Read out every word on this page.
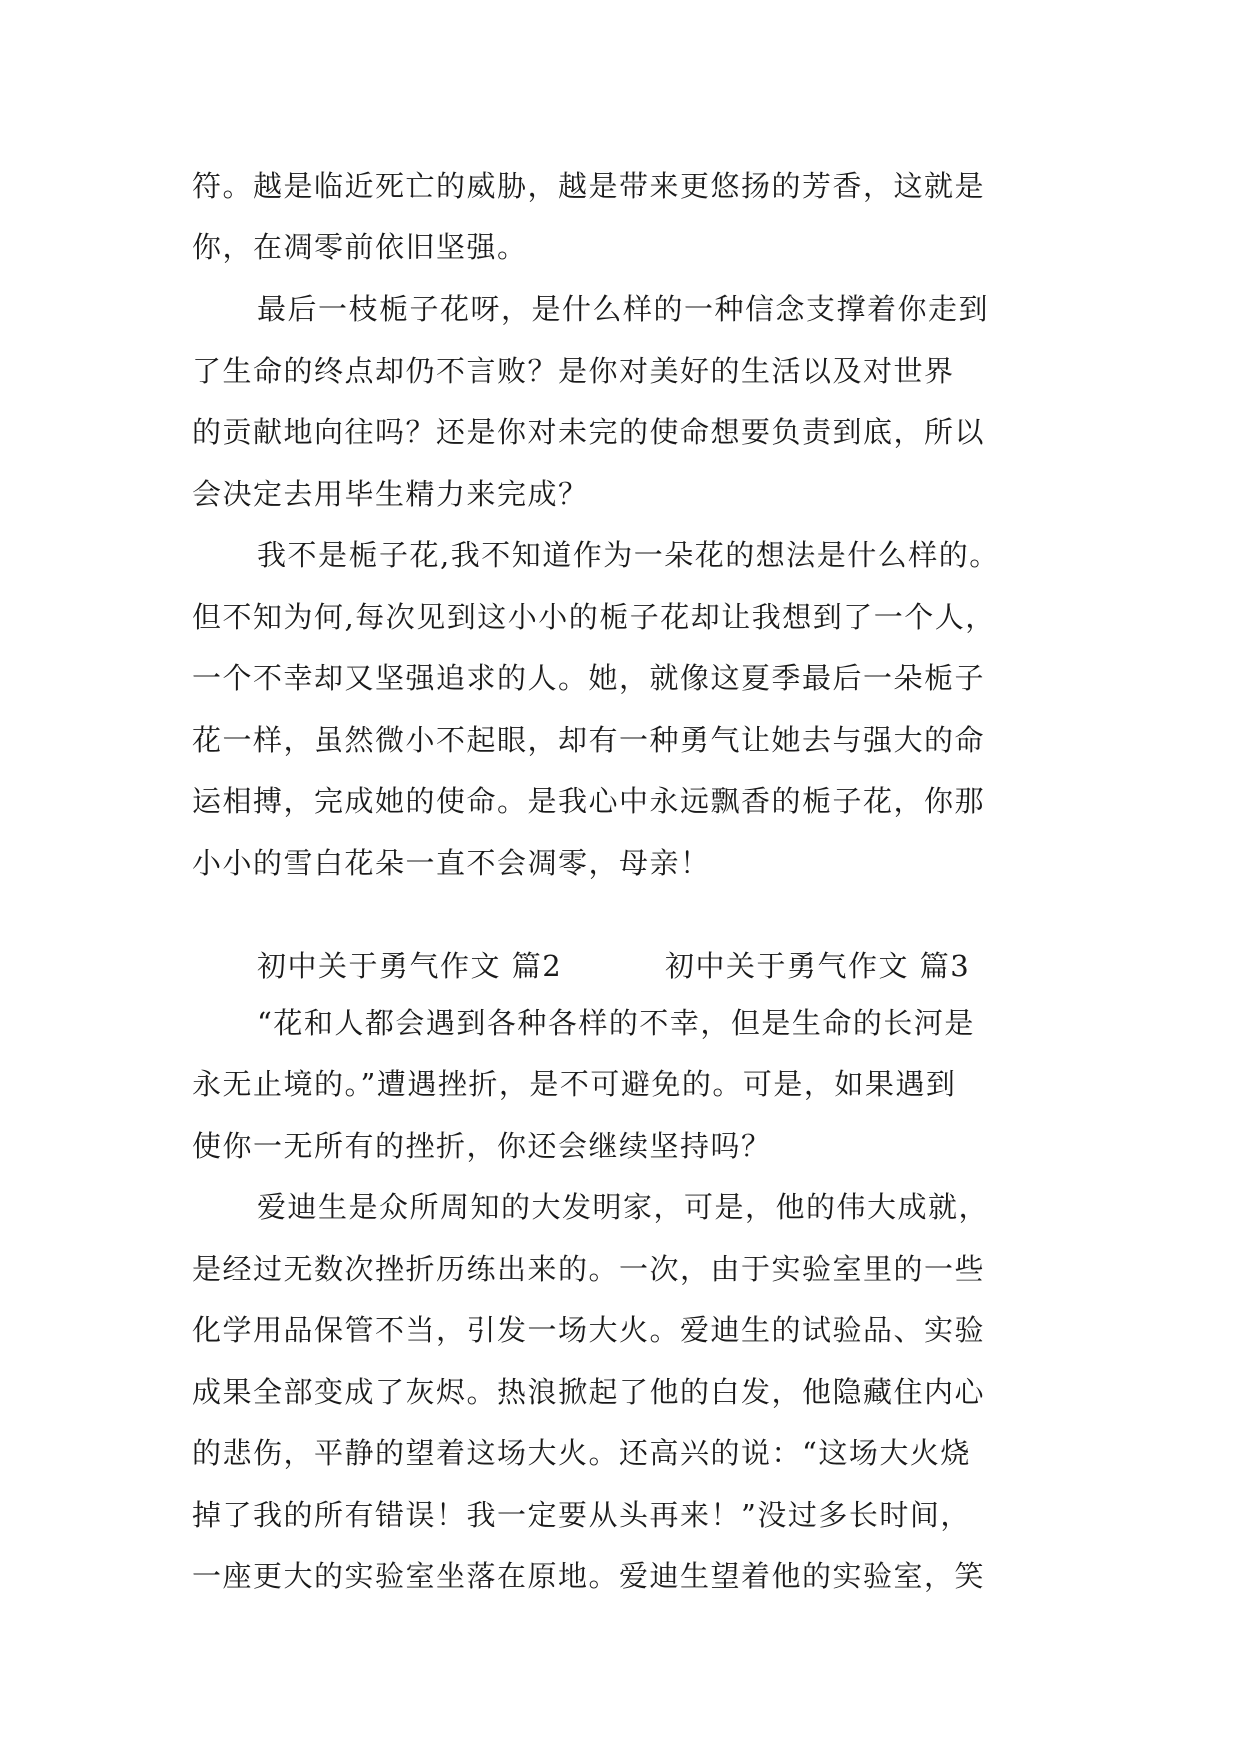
符。越是临近死亡的威胁，越是带来更悠扬的芳香，这就是
你，在凋零前依旧坚强。
最后一枝栀子花呀，是什么样的一种信念支撑着你走到
了生命的终点却仍不言败？是你对美好的生活以及对世界
的贡献地向往吗？还是你对未完的使命想要负责到底，所以
会决定去用毕生精力来完成？
我不是栀子花,我不知道作为一朵花的想法是什么样的。
但不知为何,每次见到这小小的栀子花却让我想到了一个人，
一个不幸却又坚强追求的人。她，就像这夏季最后一朵栀子
花一样，虽然微小不起眼，却有一种勇气让她去与强大的命
运相搏，完成她的使命。是我心中永远飘香的栀子花，你那
小小的雪白花朵一直不会凋零，母亲！
初中关于勇气作文 篇2	初中关于勇气作文 篇3
“花和人都会遇到各种各样的不幸，但是生命的长河是
永无止境的。”遭遇挫折，是不可避免的。可是，如果遇到
使你一无所有的挫折，你还会继续坚持吗？
爱迪生是众所周知的大发明家，可是，他的伟大成就，
是经过无数次挫折历练出来的。一次，由于实验室里的一些
化学用品保管不当，引发一场大火。爱迪生的试验品、实验
成果全部变成了灰烬。热浪掀起了他的白发，他隐藏住内心
的悲伤，平静的望着这场大火。还高兴的说：“这场大火烧
掉了我的所有错误！我一定要从头再来！”没过多长时间，
一座更大的实验室坐落在原地。爱迪生望着他的实验室，笑
